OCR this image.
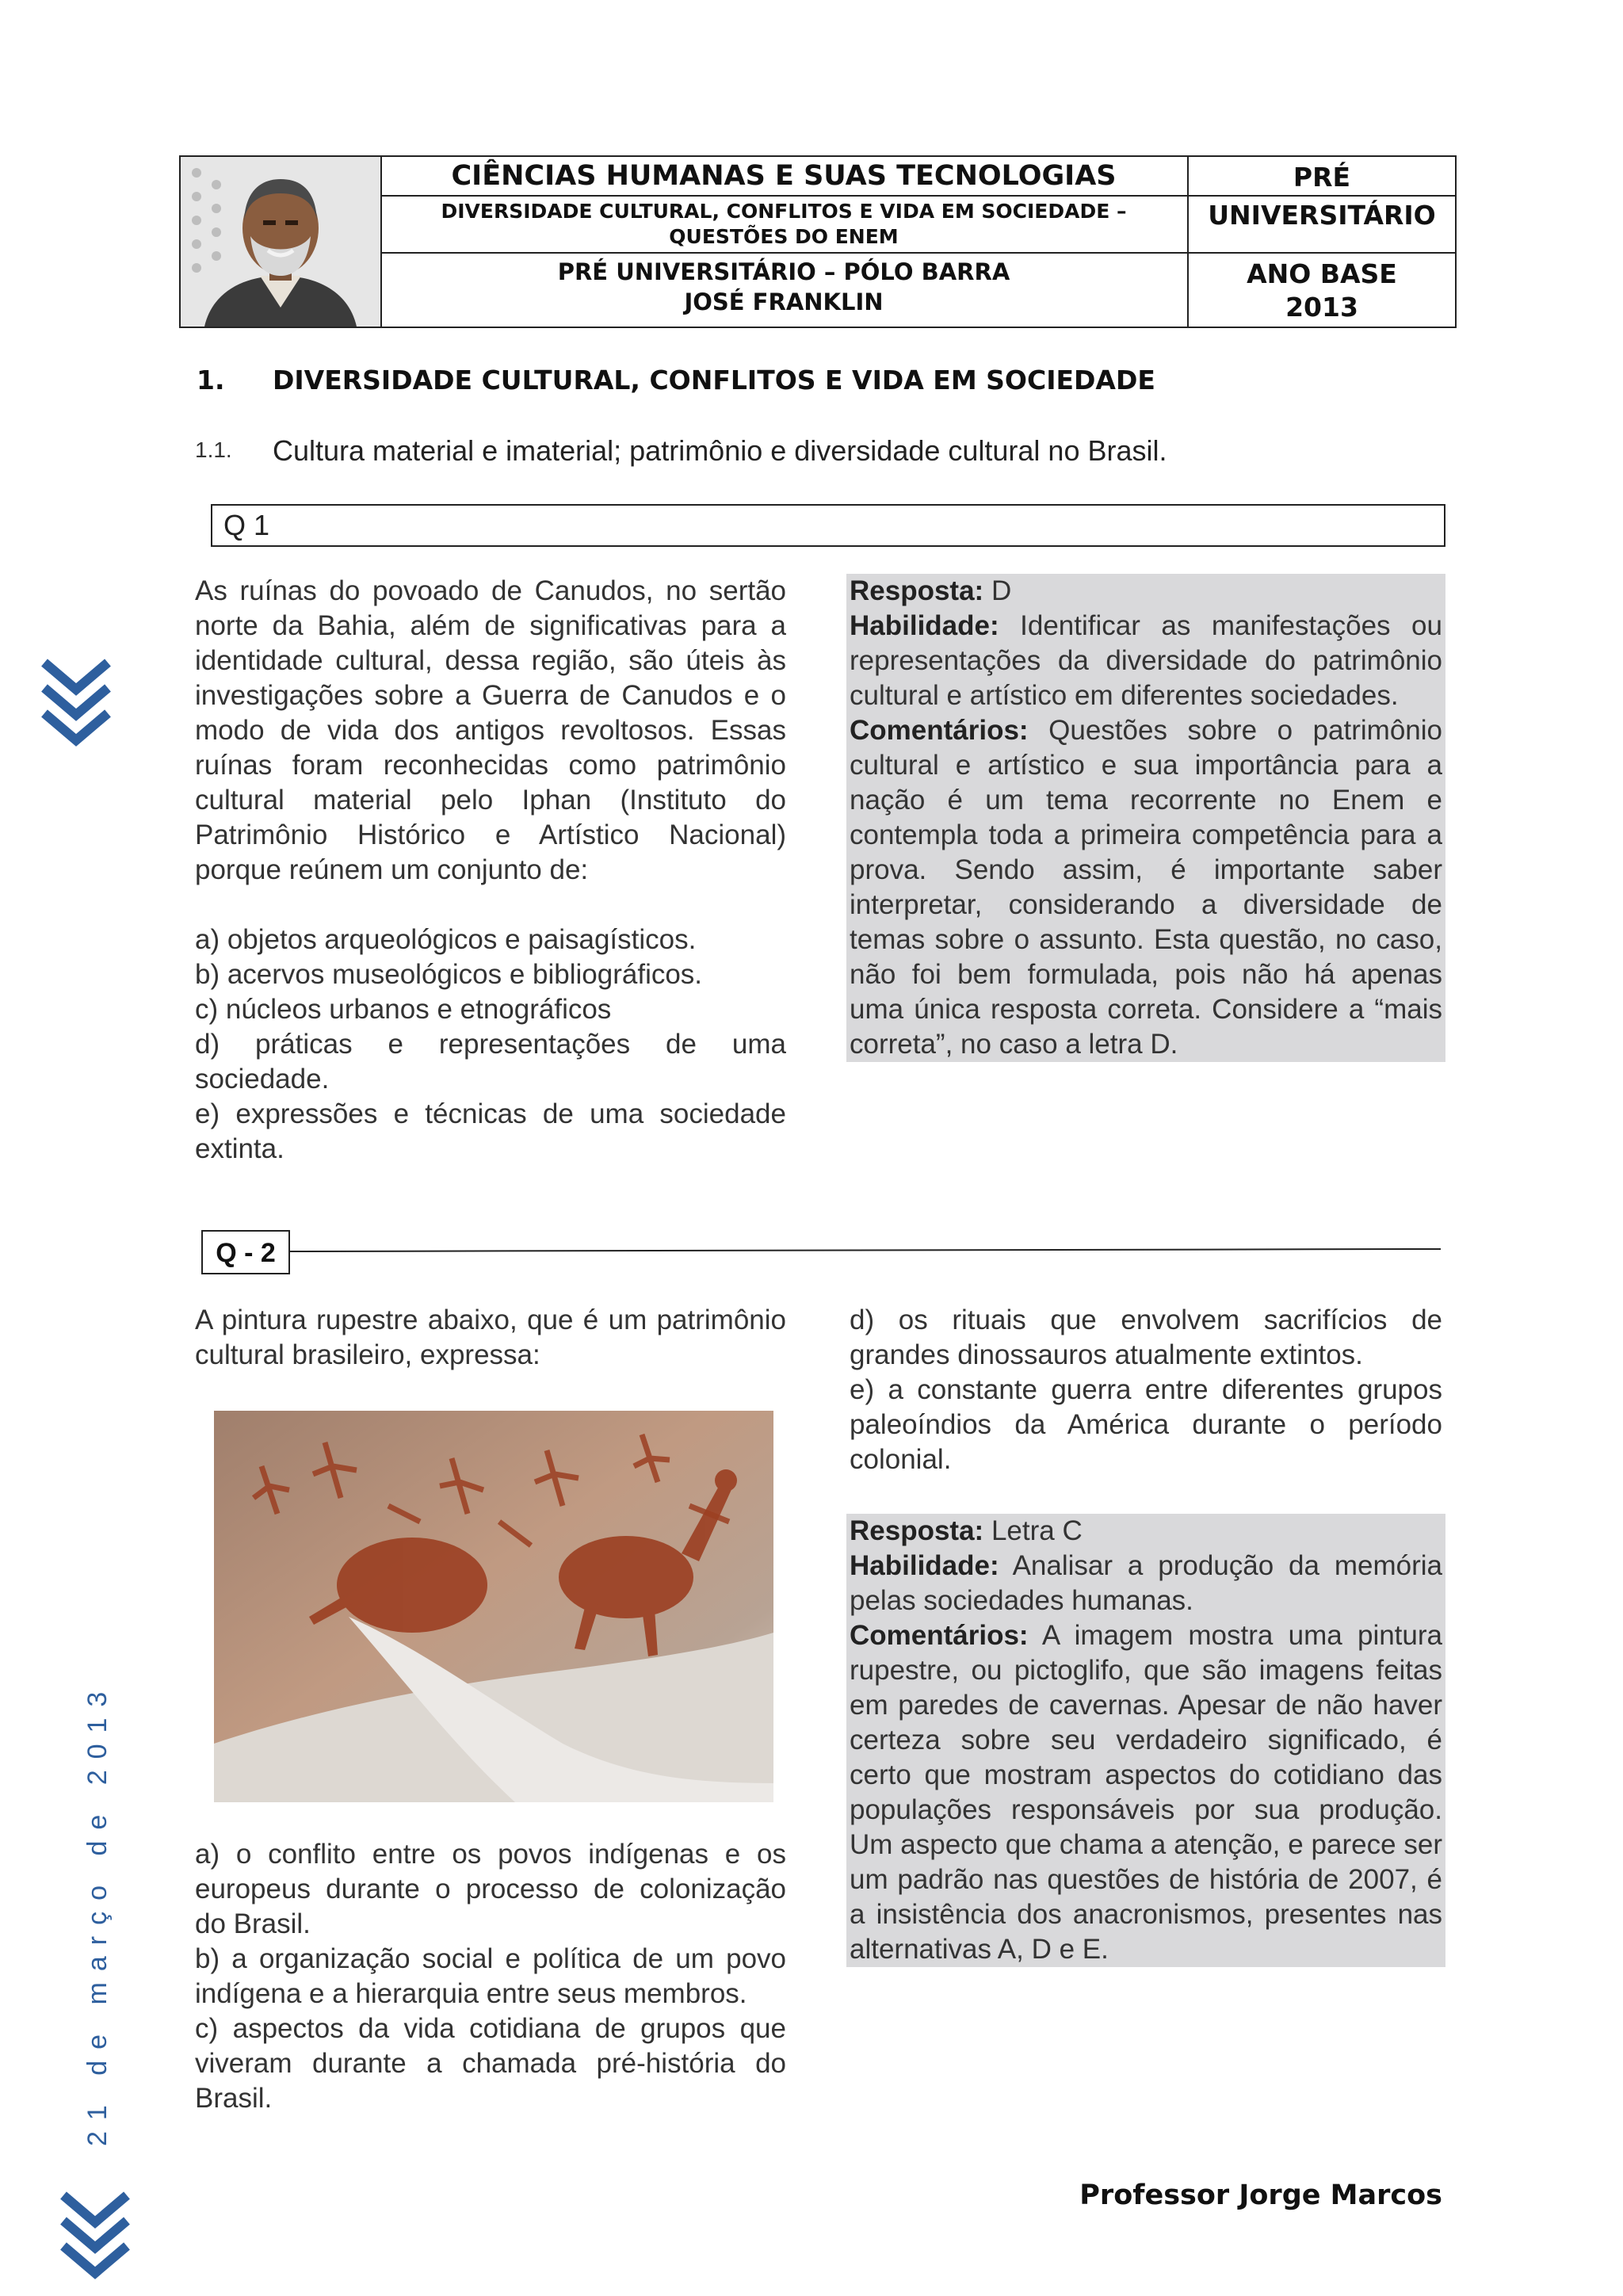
CIÊNCIAS HUMANAS E SUAS TECNOLOGIAS
DIVERSIDADE CULTURAL, CONFLITOS E VIDA EM SOCIEDADE –
QUESTÕES DO ENEM
PRÉ UNIVERSITÁRIO – PÓLO BARRA
JOSÉ FRANKLIN
PRÉ
UNIVERSITÁRIO
ANO BASE
2013
1. DIVERSIDADE CULTURAL, CONFLITOS E VIDA EM SOCIEDADE
1.1. Cultura material e imaterial; patrimônio e diversidade cultural no Brasil.
Q 1

As ruínas do povoado de Canudos, no sertão norte da Bahia, além de significativas para a identidade cultural, dessa região, são úteis às investigações sobre a Guerra de Canudos e o modo de vida dos antigos revoltosos. Essas ruínas foram reconhecidas como patrimônio cultural material pelo Iphan (Instituto do Patrimônio Histórico e Artístico Nacional) porque reúnem um conjunto de:

a) objetos arqueológicos e paisagísticos.

b) acervos museológicos e bibliográficos.

c) núcleos urbanos e etnográficos

d) práticas e representações de uma sociedade.

e) expressões e técnicas de uma sociedade extinta.

Resposta: D

Habilidade: Identificar as manifestações ou representações da diversidade do patrimônio cultural e artístico em diferentes sociedades.

Comentários: Questões sobre o patrimônio cultural e artístico e sua importância para a nação é um tema recorrente no Enem e contempla toda a primeira competência para a prova. Sendo assim, é importante saber interpretar, considerando a diversidade de temas sobre o assunto. Esta questão, no caso, não foi bem formulada, pois não há apenas uma única resposta correta. Considere a “mais correta”, no caso a letra D.

Q - 2

A pintura rupestre abaixo, que é um patrimônio cultural brasileiro, expressa:

a) o conflito entre os povos indígenas e os europeus durante o processo de colonização do Brasil.

b) a organização social e política de um povo indígena e a hierarquia entre seus membros.

c) aspectos da vida cotidiana de grupos que viveram durante a chamada pré-história do Brasil.

d) os rituais que envolvem sacrifícios de grandes dinossauros atualmente extintos.

e) a constante guerra entre diferentes grupos paleoíndios da América durante o período colonial.

Resposta: Letra C

Habilidade: Analisar a produção da memória pelas sociedades humanas.

Comentários: A imagem mostra uma pintura rupestre, ou pictoglifo, que são imagens feitas em paredes de cavernas. Apesar de não haver certeza sobre seu verdadeiro significado, é certo que mostram aspectos do cotidiano das populações responsáveis por sua produção. Um aspecto que chama a atenção, e parece ser um padrão nas questões de história de 2007, é a insistência dos anacronismos, presentes nas alternativas A, D e E.

21 de março de 2013
Professor Jorge Marcos
